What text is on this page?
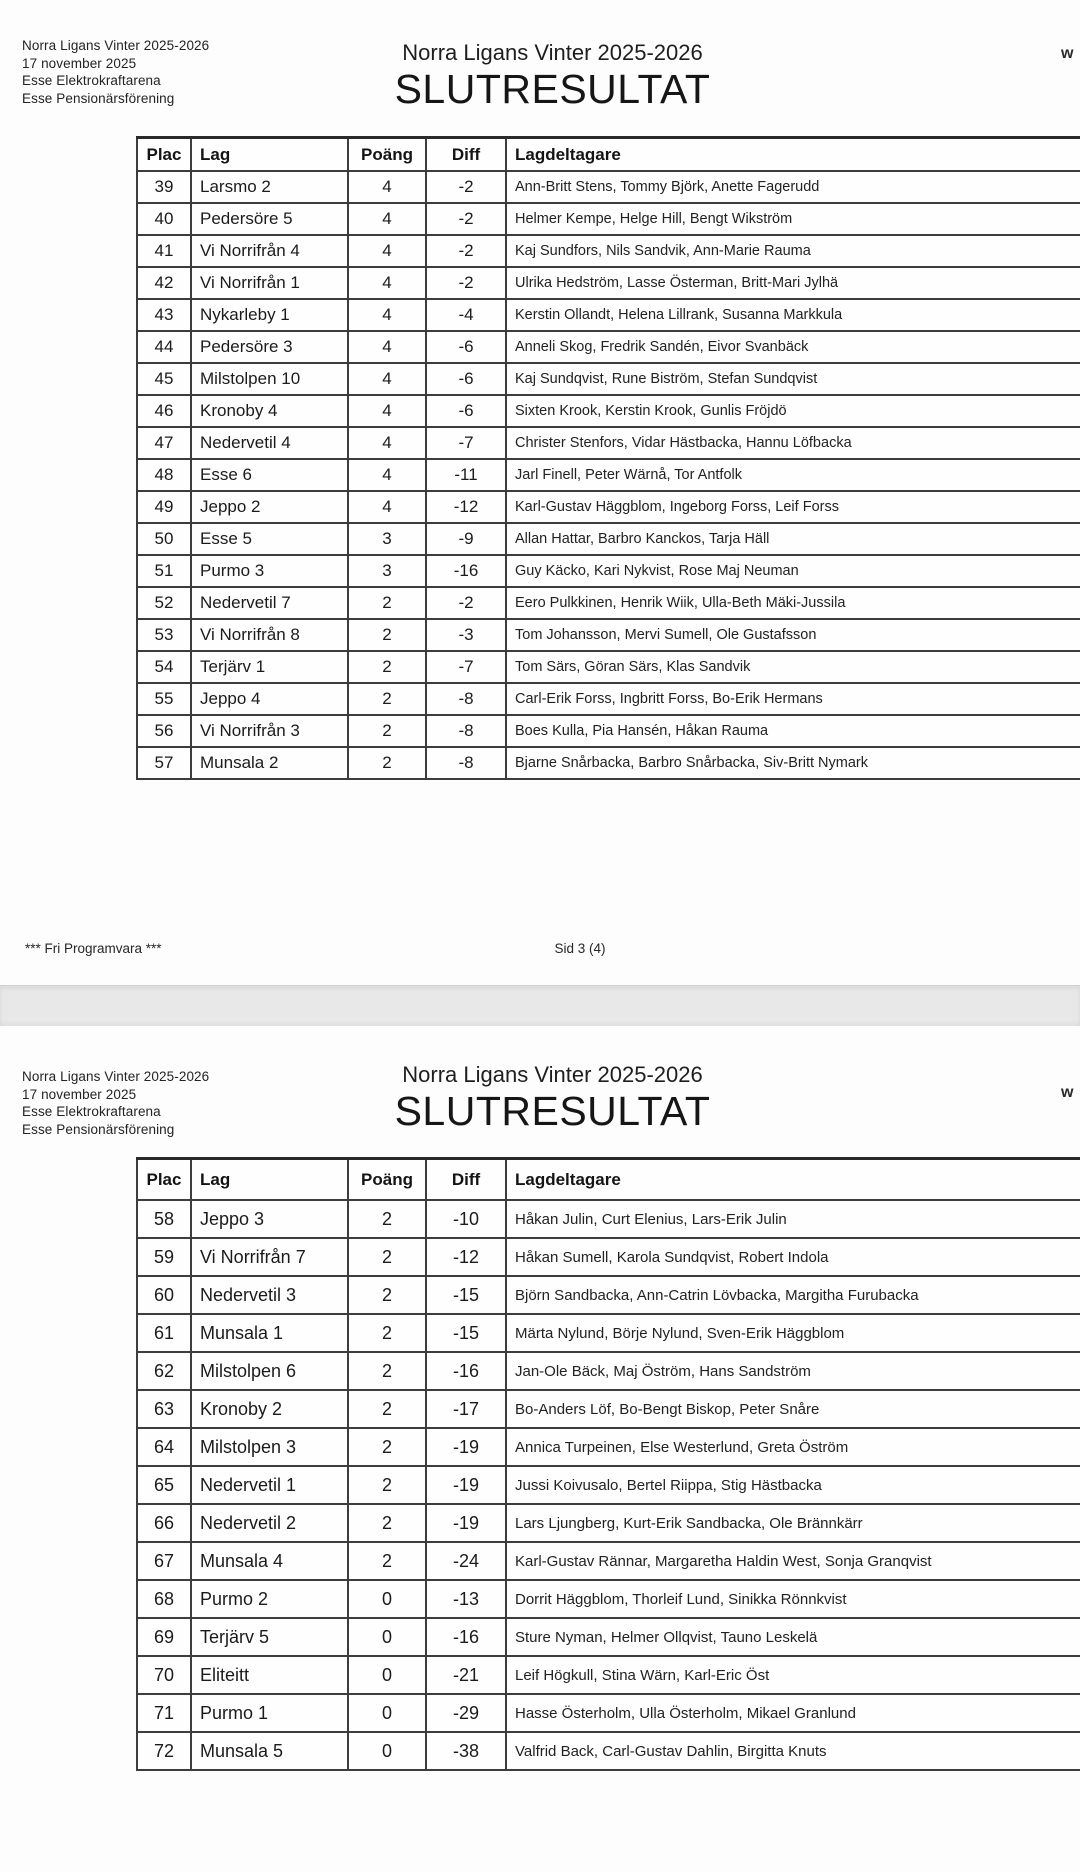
Norra Ligans Vinter 2025-2026
17 november 2025
Esse Elektrokraftarena
Esse Pensionärsförening
Norra Ligans Vinter 2025-2026
SLUTRESULTAT
w
Plac	Lag	Poäng	Diff	Lagdeltagare
39	Larsmo 2	4	-2	Ann-Britt Stens, Tommy Björk, Anette Fagerudd
40	Pedersöre 5	4	-2	Helmer Kempe, Helge Hill, Bengt Wikström
41	Vi Norrifrån 4	4	-2	Kaj Sundfors, Nils Sandvik, Ann-Marie Rauma
42	Vi Norrifrån 1	4	-2	Ulrika Hedström, Lasse Österman, Britt-Mari Jylhä
43	Nykarleby 1	4	-4	Kerstin Ollandt, Helena Lillrank, Susanna Markkula
44	Pedersöre 3	4	-6	Anneli Skog, Fredrik Sandén, Eivor Svanbäck
45	Milstolpen 10	4	-6	Kaj Sundqvist, Rune Biström, Stefan Sundqvist
46	Kronoby 4	4	-6	Sixten Krook, Kerstin Krook, Gunlis Fröjdö
47	Nedervetil 4	4	-7	Christer Stenfors, Vidar Hästbacka, Hannu Löfbacka
48	Esse 6	4	-11	Jarl Finell, Peter Wärnå, Tor Antfolk
49	Jeppo 2	4	-12	Karl-Gustav Häggblom, Ingeborg Forss, Leif Forss
50	Esse 5	3	-9	Allan Hattar, Barbro Kanckos, Tarja Häll
51	Purmo 3	3	-16	Guy Käcko, Kari Nykvist, Rose Maj Neuman
52	Nedervetil 7	2	-2	Eero Pulkkinen, Henrik Wiik, Ulla-Beth Mäki-Jussila
53	Vi Norrifrån 8	2	-3	Tom Johansson, Mervi Sumell, Ole Gustafsson
54	Terjärv 1	2	-7	Tom Särs, Göran Särs, Klas Sandvik
55	Jeppo 4	2	-8	Carl-Erik Forss, Ingbritt Forss, Bo-Erik Hermans
56	Vi Norrifrån 3	2	-8	Boes Kulla, Pia Hansén, Håkan Rauma
57	Munsala 2	2	-8	Bjarne Snårbacka, Barbro Snårbacka, Siv-Britt Nymark
*** Fri Programvara ***	Sid 3 (4)
Norra Ligans Vinter 2025-2026
17 november 2025
Esse Elektrokraftarena
Esse Pensionärsförening
Norra Ligans Vinter 2025-2026
SLUTRESULTAT	w
Plac	Lag	Poäng	Diff	Lagdeltagare
58	Jeppo 3	2	-10	Håkan Julin, Curt Elenius, Lars-Erik Julin
59	Vi Norrifrån 7	2	-12	Håkan Sumell, Karola Sundqvist, Robert Indola
60	Nedervetil 3	2	-15	Björn Sandbacka, Ann-Catrin Lövbacka, Margitha Furubacka
61	Munsala 1	2	-15	Märta Nylund, Börje Nylund, Sven-Erik Häggblom
62	Milstolpen 6	2	-16	Jan-Ole Bäck, Maj Öström, Hans Sandström
63	Kronoby 2	2	-17	Bo-Anders Löf, Bo-Bengt Biskop, Peter Snåre
64	Milstolpen 3	2	-19	Annica Turpeinen, Else Westerlund, Greta Öström
65	Nedervetil 1	2	-19	Jussi Koivusalo, Bertel Riippa, Stig Hästbacka
66	Nedervetil 2	2	-19	Lars Ljungberg, Kurt-Erik Sandbacka, Ole Brännkärr
67	Munsala 4	2	-24	Karl-Gustav Rännar, Margaretha Haldin West, Sonja Granqvist
68	Purmo 2	0	-13	Dorrit Häggblom, Thorleif Lund, Sinikka Rönnkvist
69	Terjärv 5	0	-16	Sture Nyman, Helmer Ollqvist, Tauno Leskelä
70	Eliteitt	0	-21	Leif Högkull, Stina Wärn, Karl-Eric Öst
71	Purmo 1	0	-29	Hasse Österholm, Ulla Österholm, Mikael Granlund
72	Munsala 5	0	-38	Valfrid Back, Carl-Gustav Dahlin, Birgitta Knuts
